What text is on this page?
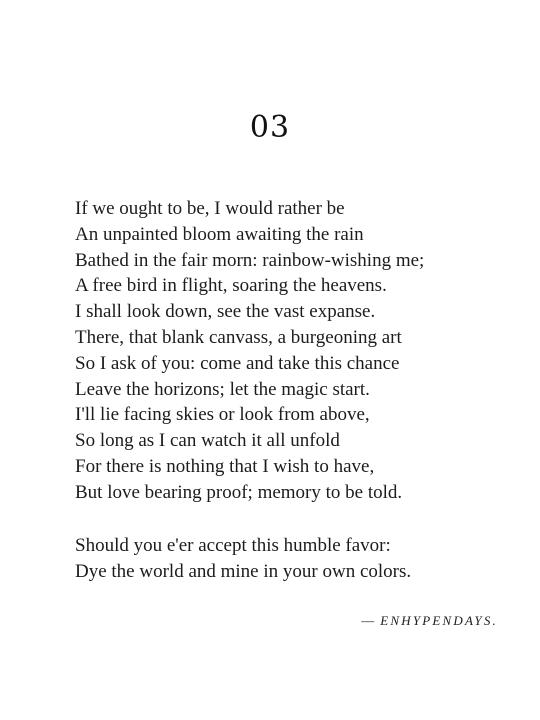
03
If we ought to be, I would rather be
An unpainted bloom awaiting the rain
Bathed in the fair morn: rainbow-wishing me;
A free bird in flight, soaring the heavens.
I shall look down, see the vast expanse.
There, that blank canvass, a burgeoning art
So I ask of you: come and take this chance
Leave the horizons; let the magic start.
I'll lie facing skies or look from above,
So long as I can watch it all unfold
For there is nothing that I wish to have,
But love bearing proof; memory to be told.
Should you e'er accept this humble favor:
Dye the world and mine in your own colors.
— ENHYPENDAYS.
